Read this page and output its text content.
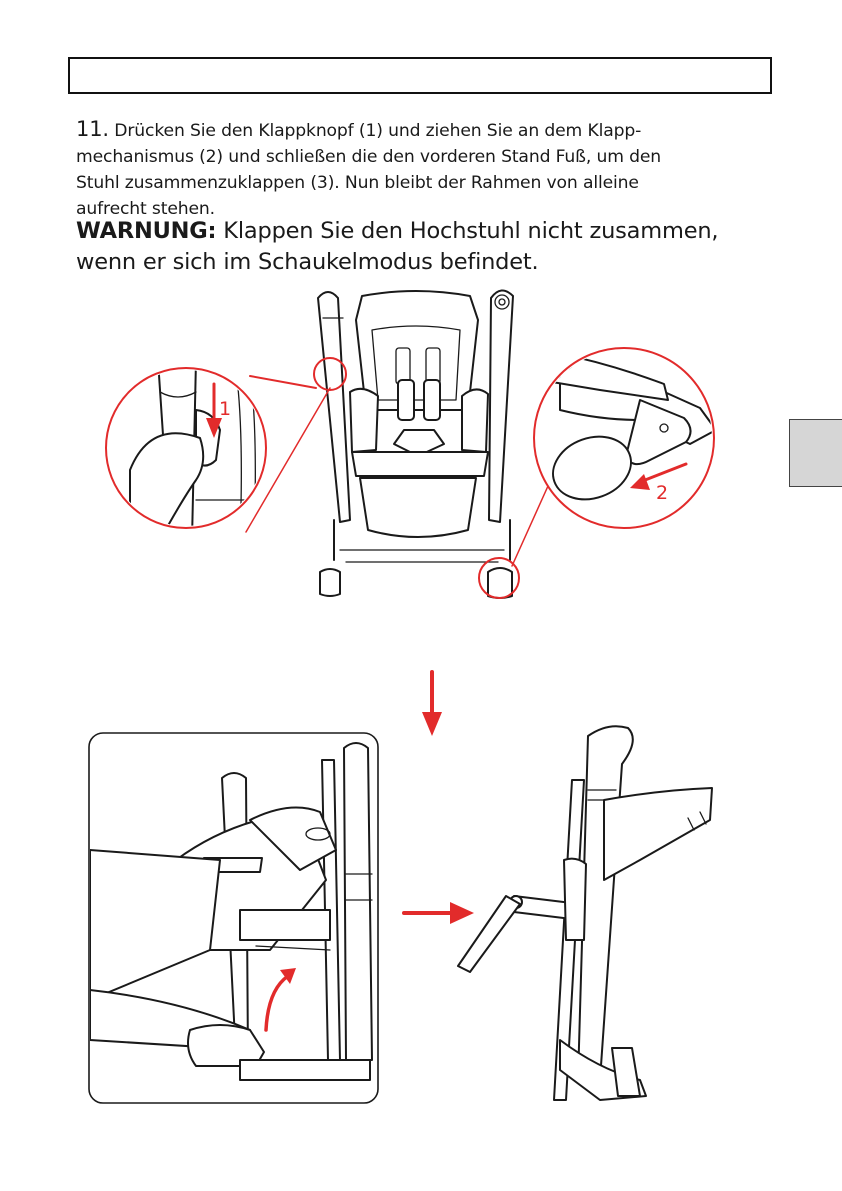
11. Drücken Sie den Klappknopf (1) und ziehen Sie an dem Klapp-
mechanismus (2) und schließen die den vorderen Stand Fuß, um den
Stuhl zusammenzuklappen (3). Nun bleibt der Rahmen von alleine
aufrecht stehen.
WARNUNG: Klappen Sie den Hochstuhl nicht zusammen,
wenn er sich im Schaukelmodus befindet.
1
2
